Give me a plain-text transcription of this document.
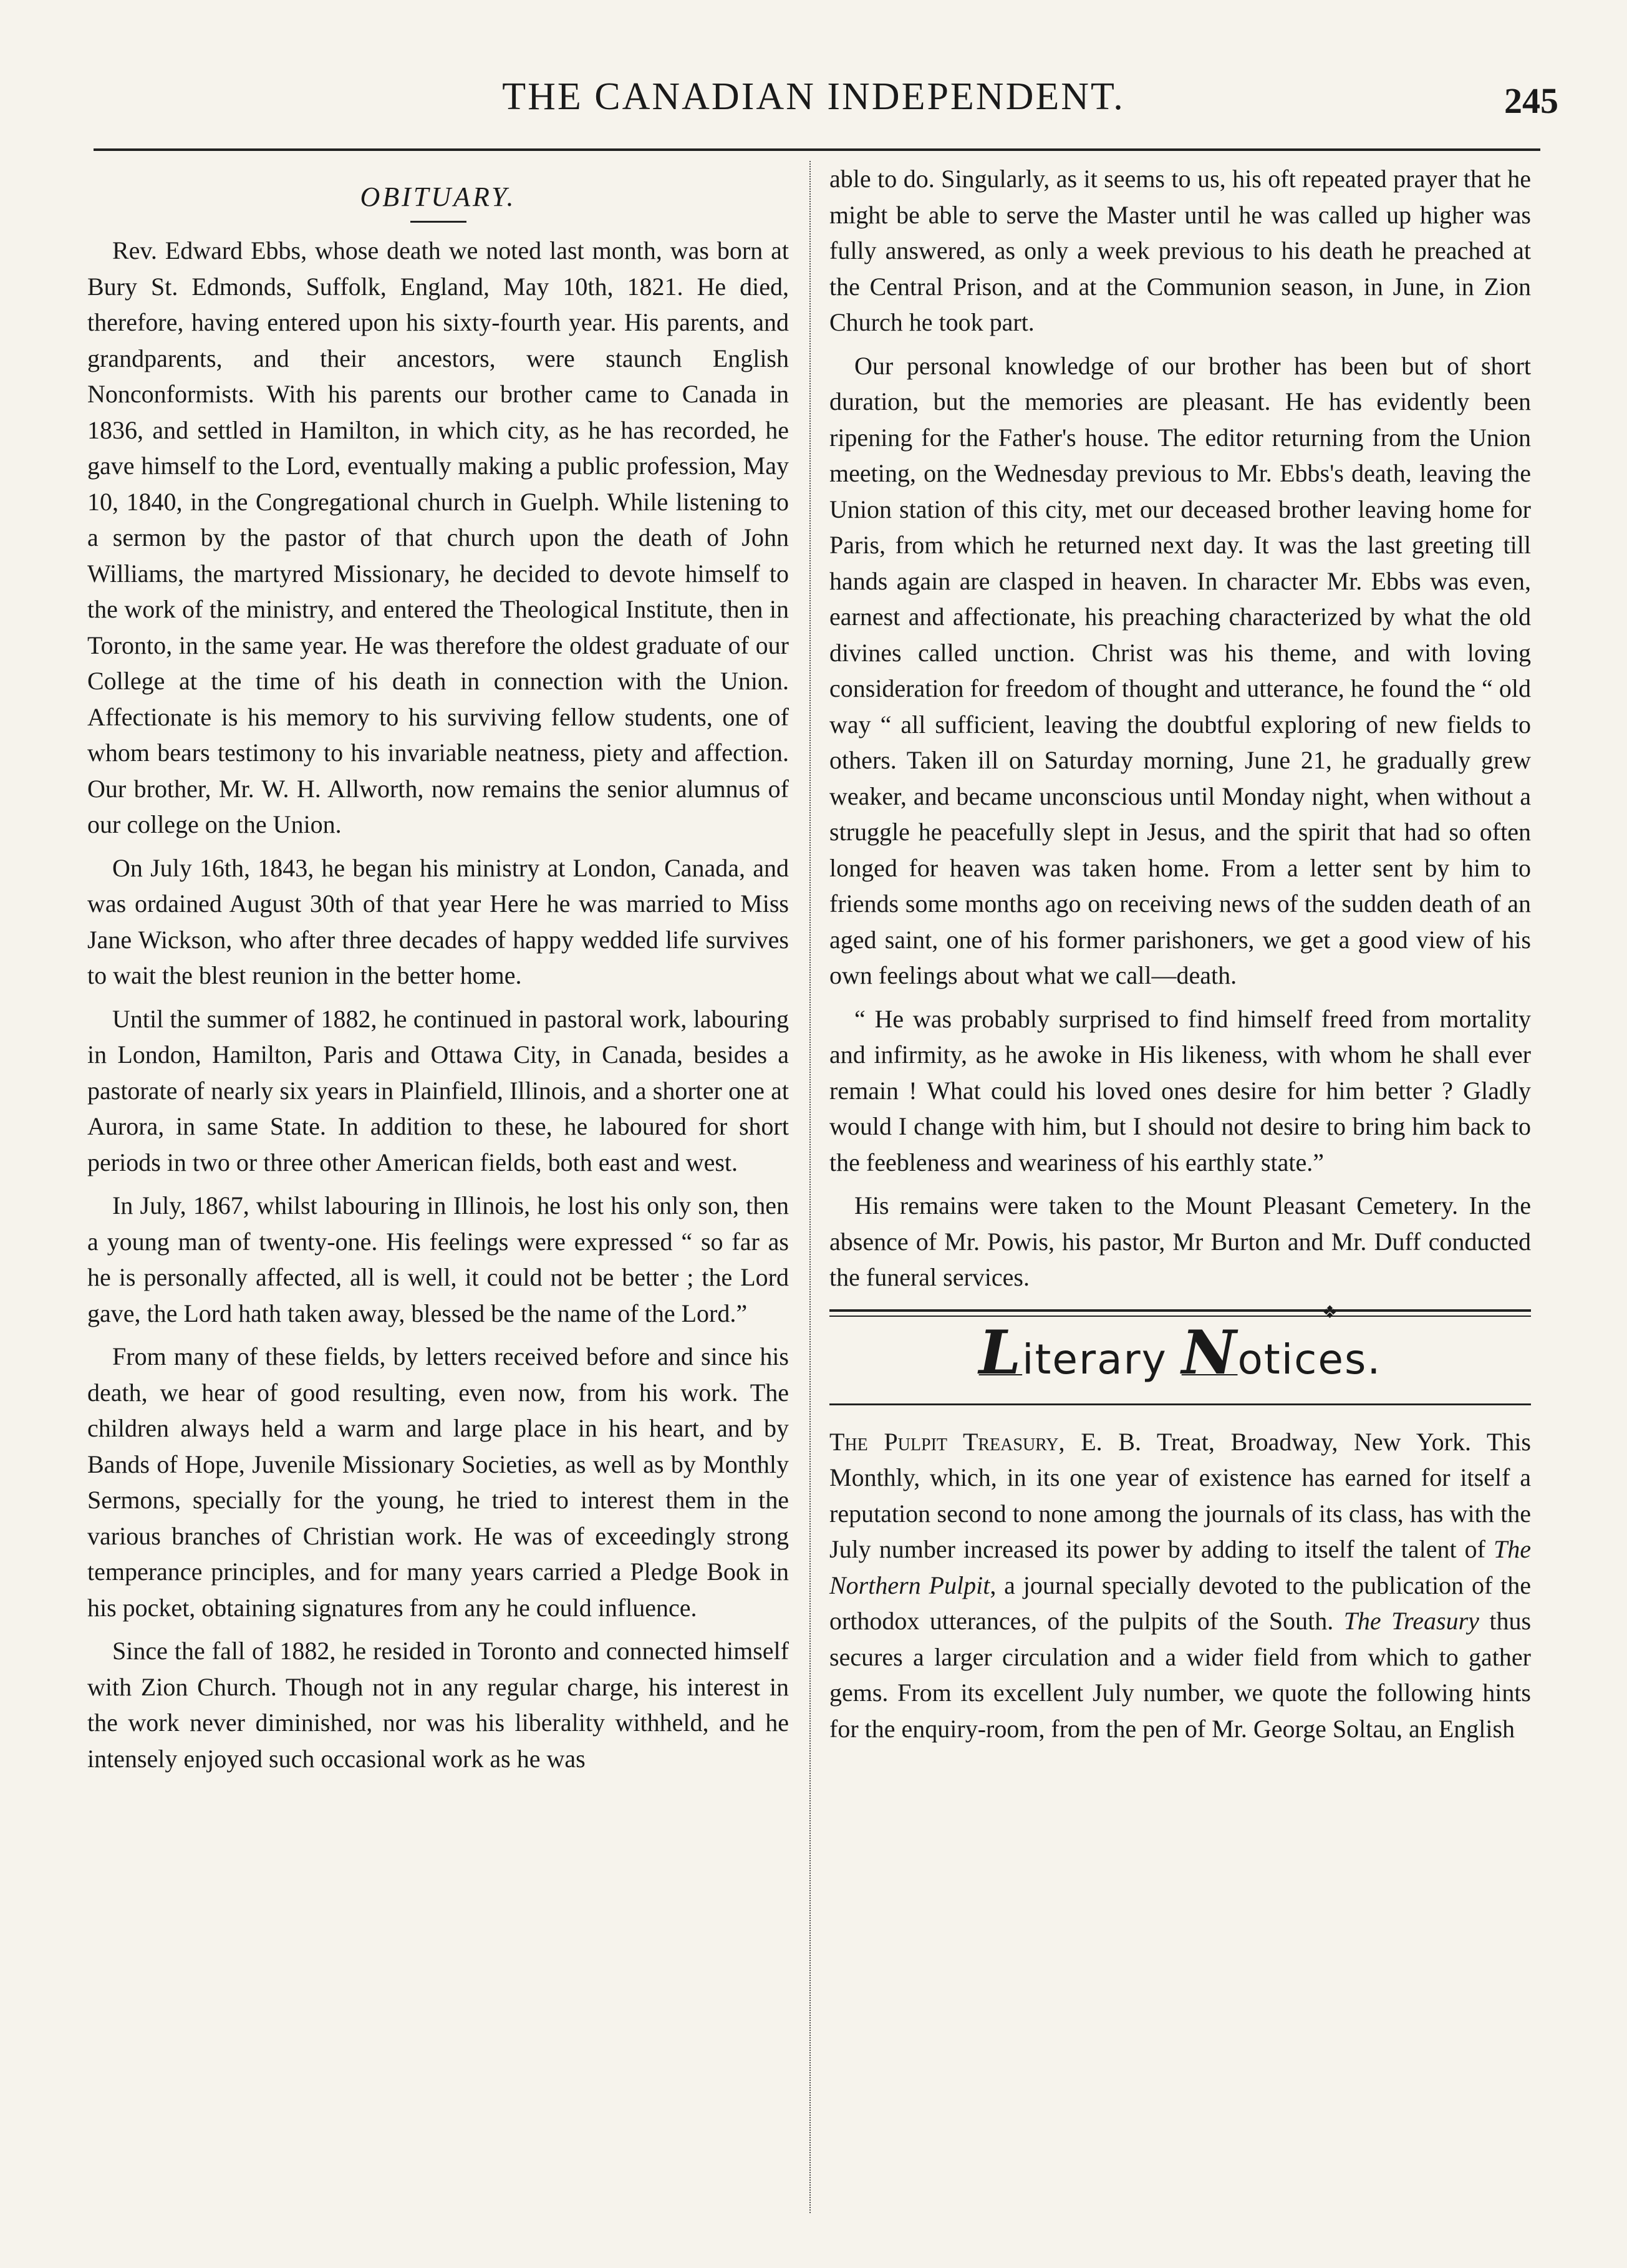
THE CANADIAN INDEPENDENT.	245
OBITUARY.

Rev. Edward Ebbs, whose death we noted last month, was born at Bury St. Edmonds, Suffolk, England, May 10th, 1821. He died, therefore, having entered upon his sixty-fourth year. His parents, and grandparents, and their ancestors, were staunch English Nonconformists. With his parents our brother came to Canada in 1836, and settled in Hamilton, in which city, as he has recorded, he gave himself to the Lord, eventually making a public profession, May 10, 1840, in the Congregational church in Guelph. While listening to a sermon by the pastor of that church upon the death of John Williams, the martyred Missionary, he decided to devote himself to the work of the ministry, and entered the Theological Institute, then in Toronto, in the same year. He was therefore the oldest graduate of our College at the time of his death in connection with the Union. Affectionate is his memory to his surviving fellow students, one of whom bears testimony to his invariable neatness, piety and affection. Our brother, Mr. W. H. Allworth, now remains the senior alumnus of our college on the Union.

On July 16th, 1843, he began his ministry at London, Canada, and was ordained August 30th of that year Here he was married to Miss Jane Wickson, who after three decades of happy wedded life survives to wait the blest reunion in the better home.

Until the summer of 1882, he continued in pastoral work, labouring in London, Hamilton, Paris and Ottawa City, in Canada, besides a pastorate of nearly six years in Plainfield, Illinois, and a shorter one at Aurora, in same State. In addition to these, he laboured for short periods in two or three other American fields, both east and west.

In July, 1867, whilst labouring in Illinois, he lost his only son, then a young man of twenty-one. His feelings were expressed “ so far as he is personally affected, all is well, it could not be better ; the Lord gave, the Lord hath taken away, blessed be the name of the Lord.”

From many of these fields, by letters received before and since his death, we hear of good resulting, even now, from his work. The children always held a warm and large place in his heart, and by Bands of Hope, Juvenile Missionary Societies, as well as by Monthly Sermons, specially for the young, he tried to interest them in the various branches of Christian work. He was of exceedingly strong temperance principles, and for many years carried a Pledge Book in his pocket, obtaining signatures from any he could influence.

Since the fall of 1882, he resided in Toronto and connected himself with Zion Church. Though not in any regular charge, his interest in the work never diminished, nor was his liberality withheld, and he intensely enjoyed such occasional work as he was

able to do. Singularly, as it seems to us, his oft repeated prayer that he might be able to serve the Master until he was called up higher was fully answered, as only a week previous to his death he preached at the Central Prison, and at the Communion season, in June, in Zion Church he took part.

Our personal knowledge of our brother has been but of short duration, but the memories are pleasant. He has evidently been ripening for the Father's house. The editor returning from the Union meeting, on the Wednesday previous to Mr. Ebbs's death, leaving the Union station of this city, met our deceased brother leaving home for Paris, from which he returned next day. It was the last greeting till hands again are clasped in heaven. In character Mr. Ebbs was even, earnest and affectionate, his preaching characterized by what the old divines called unction. Christ was his theme, and with loving consideration for freedom of thought and utterance, he found the “ old way “ all sufficient, leaving the doubtful exploring of new fields to others. Taken ill on Saturday morning, June 21, he gradually grew weaker, and became unconscious until Monday night, when without a struggle he peacefully slept in Jesus, and the spirit that had so often longed for heaven was taken home. From a letter sent by him to friends some months ago on receiving news of the sudden death of an aged saint, one of his former parishoners, we get a good view of his own feelings about what we call—death.

“ He was probably surprised to find himself freed from mortality and infirmity, as he awoke in His likeness, with whom he shall ever remain ! What could his loved ones desire for him better ? Gladly would I change with him, but I should not desire to bring him back to the feebleness and weariness of his earthly state.”

His remains were taken to the Mount Pleasant Cemetery. In the absence of Mr. Powis, his pastor, Mr Burton and Mr. Duff conducted the funeral services.

❖
Literary Notices.

The Pulpit Treasury, E. B. Treat, Broadway, New York. This Monthly, which, in its one year of existence has earned for itself a reputation second to none among the journals of its class, has with the July number increased its power by adding to itself the talent of The Northern Pulpit, a journal specially devoted to the publication of the orthodox utterances, of the pulpits of the South. The Treasury thus secures a larger circulation and a wider field from which to gather gems. From its excellent July number, we quote the following hints for the enquiry-room, from the pen of Mr. George Soltau, an English
